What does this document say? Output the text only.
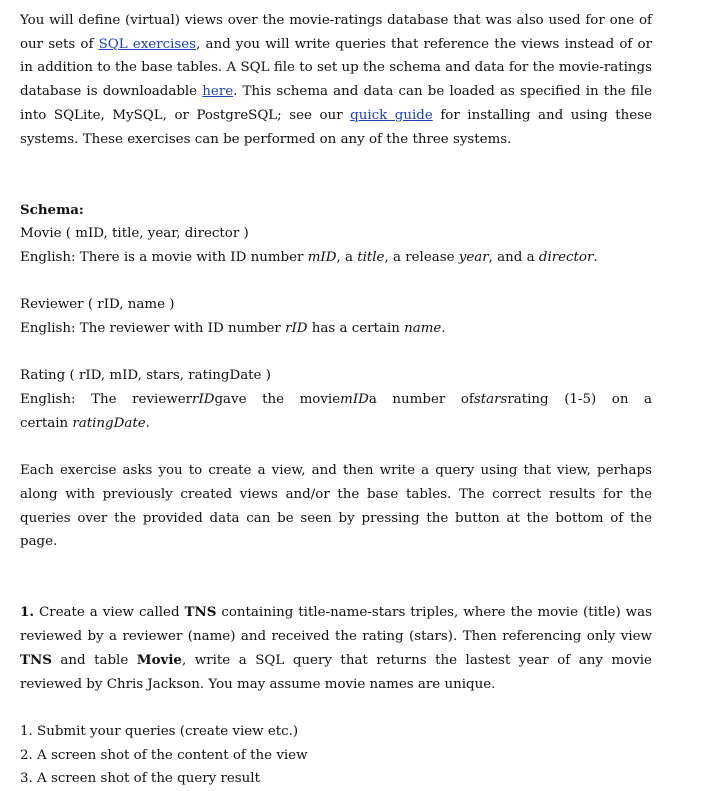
You will define (virtual) views over the movie-ratings database that was also used for one of our sets of SQL exercises, and you will write queries that reference the views instead of or in addition to the base tables. A SQL file to set up the schema and data for the movie-ratings database is downloadable here. This schema and data can be loaded as specified in the file into SQLite, MySQL, or PostgreSQL; see our quick guide for installing and using these systems. These exercises can be performed on any of the three systems.

Schema:

Movie ( mID, title, year, director )

English: There is a movie with ID number mID, a title, a release year, and a director.

Reviewer ( rID, name )

English: The reviewer with ID number rID has a certain name.

Rating ( rID, mID, stars, ratingDate )

English: The reviewerrIDgave the moviemIDa number ofstarsrating (1-5) on a

certain ratingDate.

Each exercise asks you to create a view, and then write a query using that view, perhaps along with previously created views and/or the base tables. The correct results for the queries over the provided data can be seen by pressing the button at the bottom of the page.

1. Create a view called TNS containing title-name-stars triples, where the movie (title) was reviewed by a reviewer (name) and received the rating (stars). Then referencing only view TNS and table Movie, write a SQL query that returns the lastest year of any movie reviewed by Chris Jackson. You may assume movie names are unique.

1. Submit your queries (create view etc.)

2. A screen shot of the content of the view

3. A screen shot of the query result
